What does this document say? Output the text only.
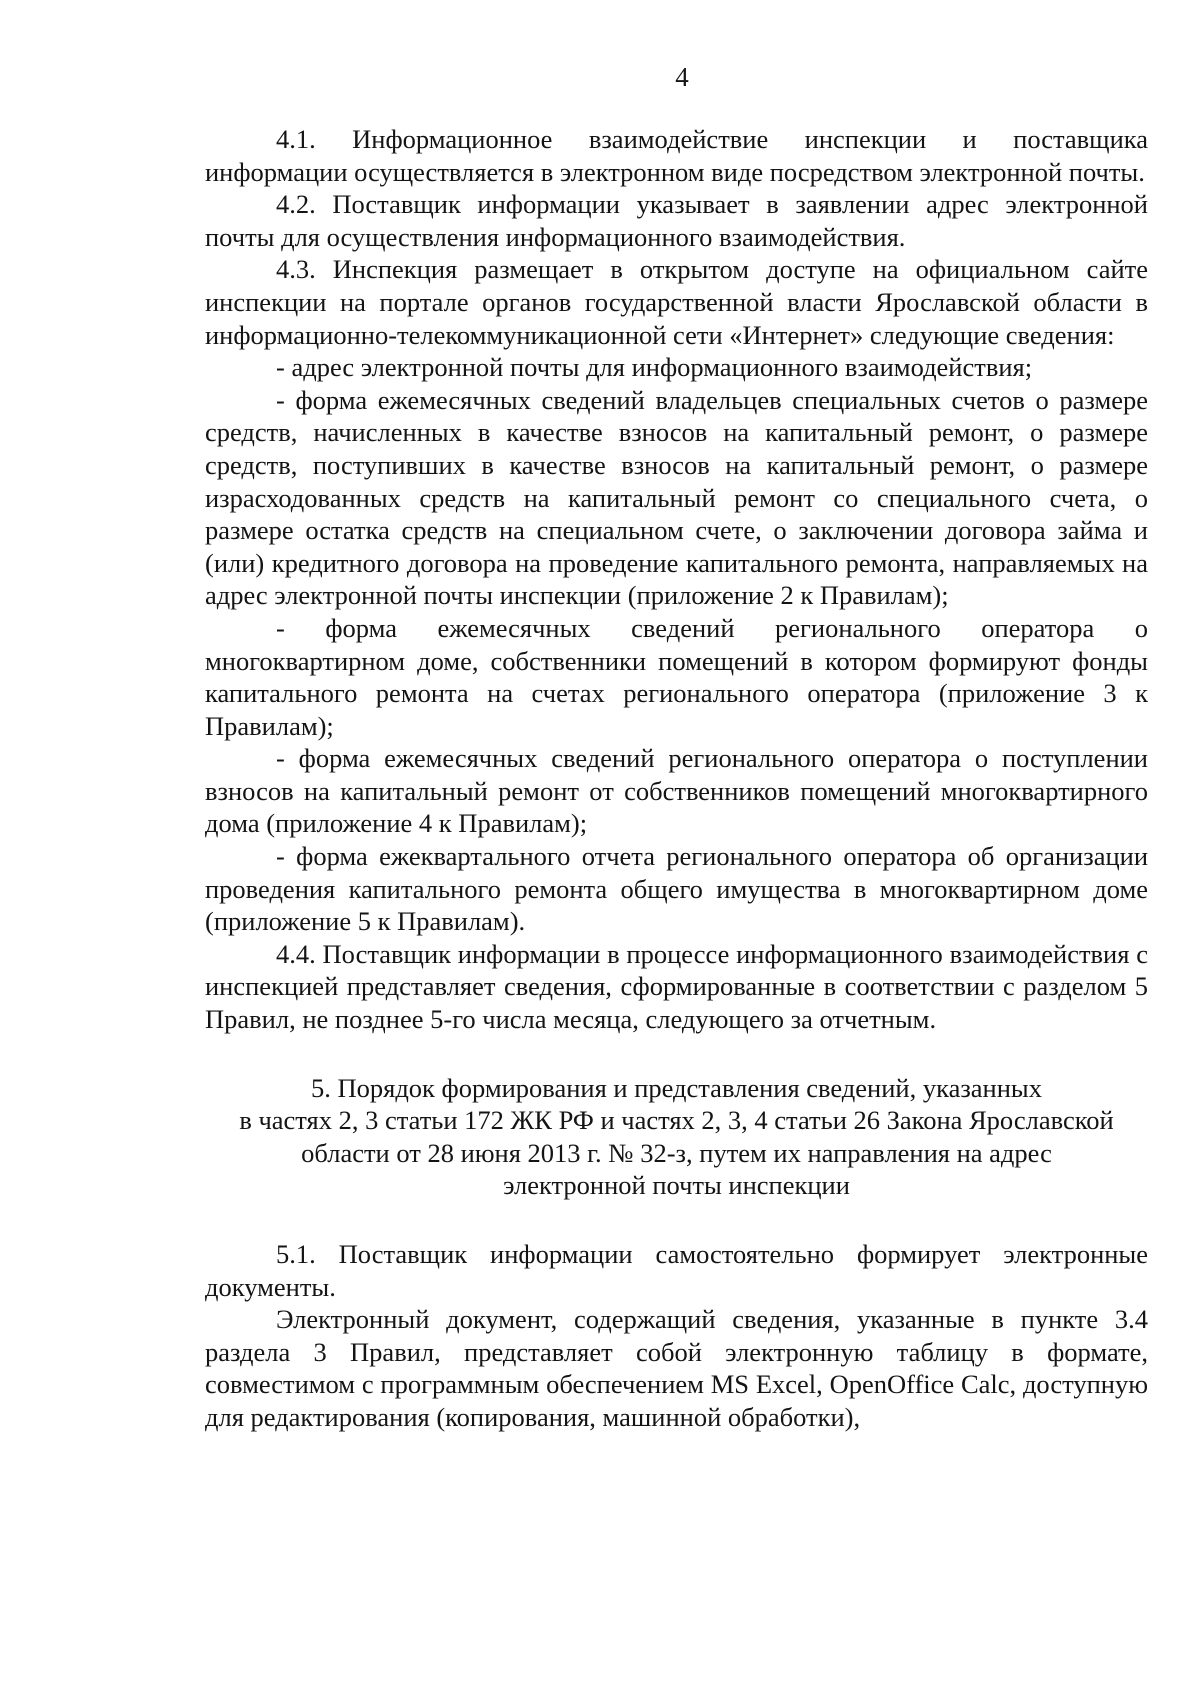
4

4.1. Информационное взаимодействие инспекции и поставщика информации осуществляется в электронном виде посредством электронной почты.

4.2. Поставщик информации указывает в заявлении адрес электронной почты для осуществления информационного взаимодействия.

4.3. Инспекция размещает в открытом доступе на официальном сайте инспекции на портале органов государственной власти Ярославской области в информационно-телекоммуникационной сети «Интернет» следующие сведения:

- адрес электронной почты для информационного взаимодействия;

- форма ежемесячных сведений владельцев специальных счетов о размере средств, начисленных в качестве взносов на капитальный ремонт, о размере средств, поступивших в качестве взносов на капитальный ремонт, о размере израсходованных средств на капитальный ремонт со специального счета, о размере остатка средств на специальном счете, о заключении договора займа и (или) кредитного договора на проведение капитального ремонта, направляемых на адрес электронной почты инспекции (приложение 2 к Правилам);

- форма ежемесячных сведений регионального оператора о многоквартирном доме, собственники помещений в котором формируют фонды капитального ремонта на счетах регионального оператора (приложение 3 к Правилам);

- форма ежемесячных сведений регионального оператора о поступлении взносов на капитальный ремонт от собственников помещений многоквартирного дома (приложение 4 к Правилам);

- форма ежеквартального отчета регионального оператора об организации проведения капитального ремонта общего имущества в многоквартирном доме (приложение 5 к Правилам).

4.4. Поставщик информации в процессе информационного взаимодействия с инспекцией представляет сведения, сформированные в соответствии с разделом 5 Правил, не позднее 5-го числа месяца, следующего за отчетным.

5. Порядок формирования и представления сведений, указанных
в частях 2, 3 статьи 172 ЖК РФ и частях 2, 3, 4 статьи 26 Закона Ярославской
области от 28 июня 2013 г. № 32-з, путем их направления на адрес
электронной почты инспекции

5.1. Поставщик информации самостоятельно формирует электронные документы.

Электронный документ, содержащий сведения, указанные в пункте 3.4 раздела 3 Правил, представляет собой электронную таблицу в формате, совместимом с программным обеспечением MS Excel, OpenOffice Calc, доступную для редактирования (копирования, машинной обработки),
